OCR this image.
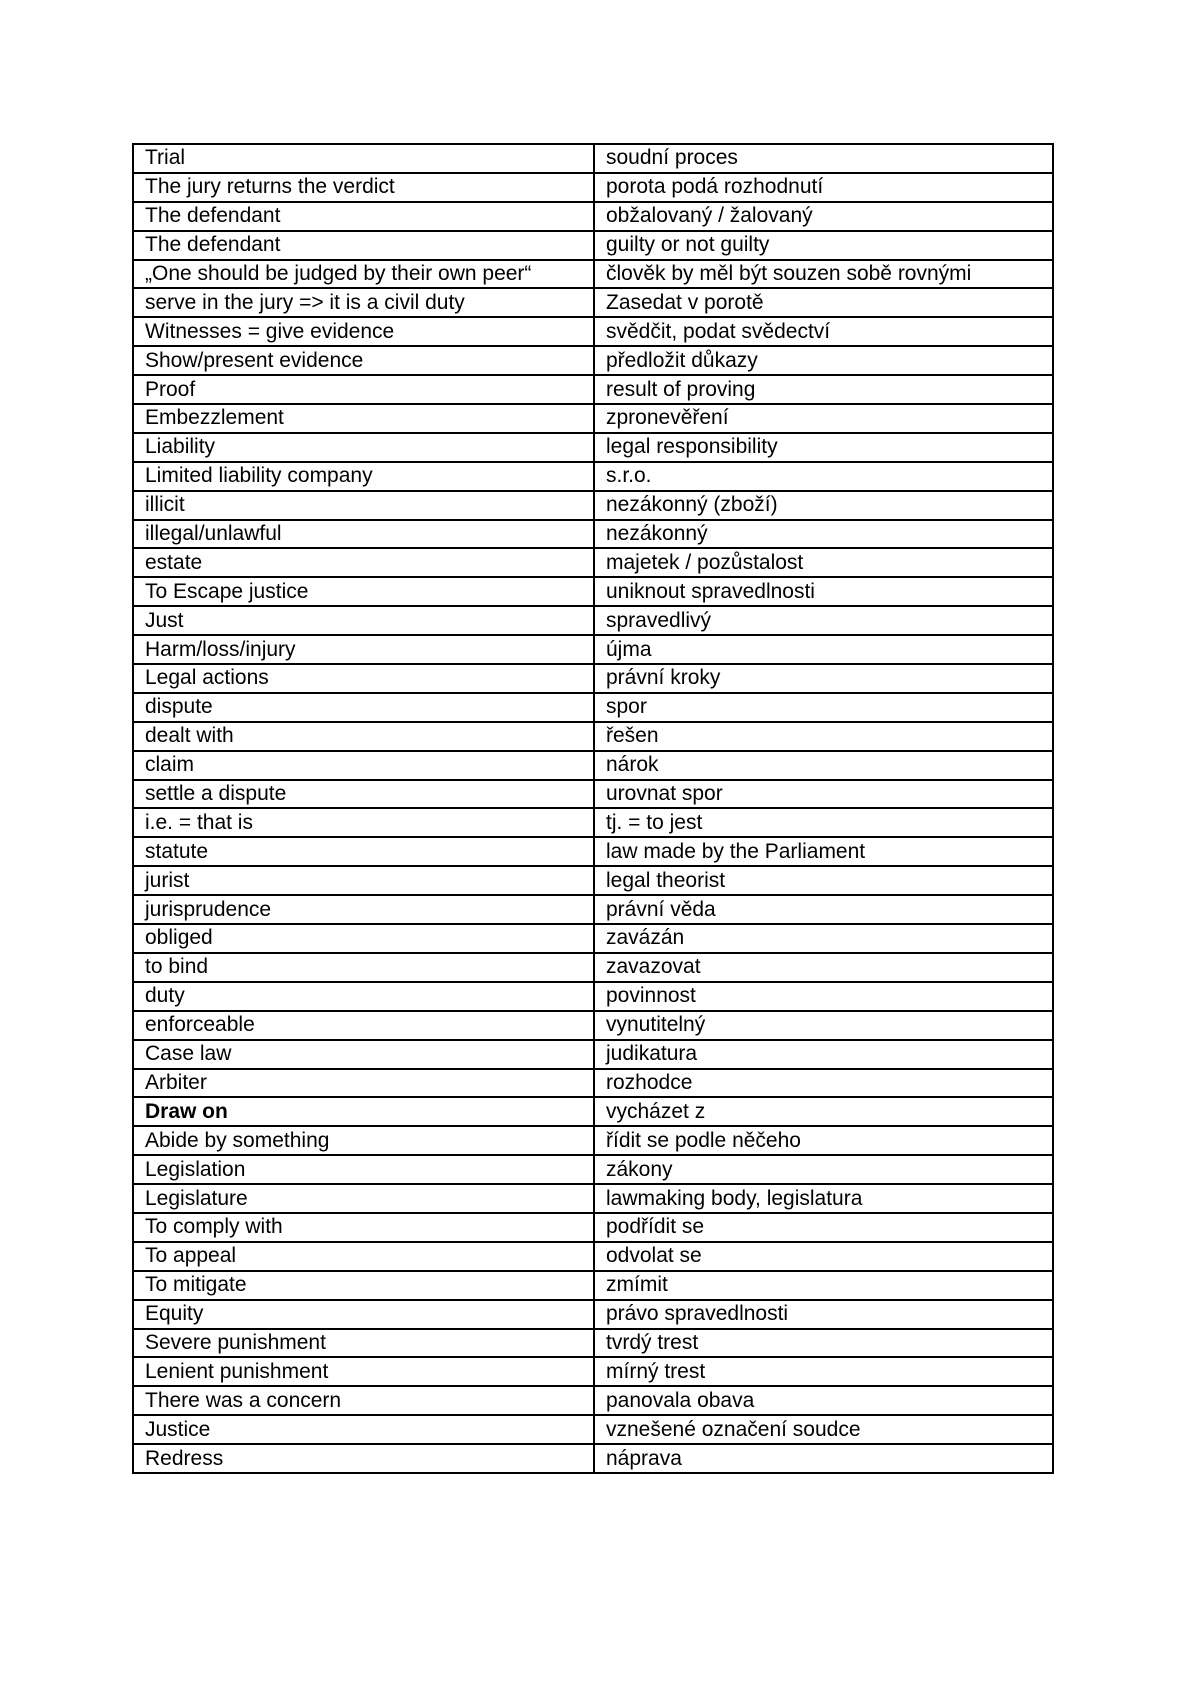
Trial	soudní proces
The jury returns the verdict	porota podá rozhodnutí
The defendant	obžalovaný / žalovaný
The defendant	guilty or not guilty
„One should be judged by their own peer“	člověk by měl být souzen sobě rovnými
serve in the jury => it is a civil duty	Zasedat v porotě
Witnesses = give evidence	svědčit, podat svědectví
Show/present evidence	předložit důkazy
Proof	result of proving
Embezzlement	zpronevěření
Liability	legal responsibility
Limited liability company	s.r.o.
illicit	nezákonný (zboží)
illegal/unlawful	nezákonný
estate	majetek / pozůstalost
To Escape justice	uniknout spravedlnosti
Just	spravedlivý
Harm/loss/injury	újma
Legal actions	právní kroky
dispute	spor
dealt with	řešen
claim	nárok
settle a dispute	urovnat spor
i.e. = that is	tj. = to jest
statute	law made by the Parliament
jurist	legal theorist
jurisprudence	právní věda
obliged	zavázán
to bind	zavazovat
duty	povinnost
enforceable	vynutitelný
Case law	judikatura
Arbiter	rozhodce
Draw on	vycházet z
Abide by something	řídit se podle něčeho
Legislation	zákony
Legislature	lawmaking body, legislatura
To comply with	podřídit se
To appeal	odvolat se
To mitigate	zmímit
Equity	právo spravedlnosti
Severe punishment	tvrdý trest
Lenient punishment	mírný trest
There was a concern	panovala obava
Justice	vznešené označení soudce
Redress	náprava
